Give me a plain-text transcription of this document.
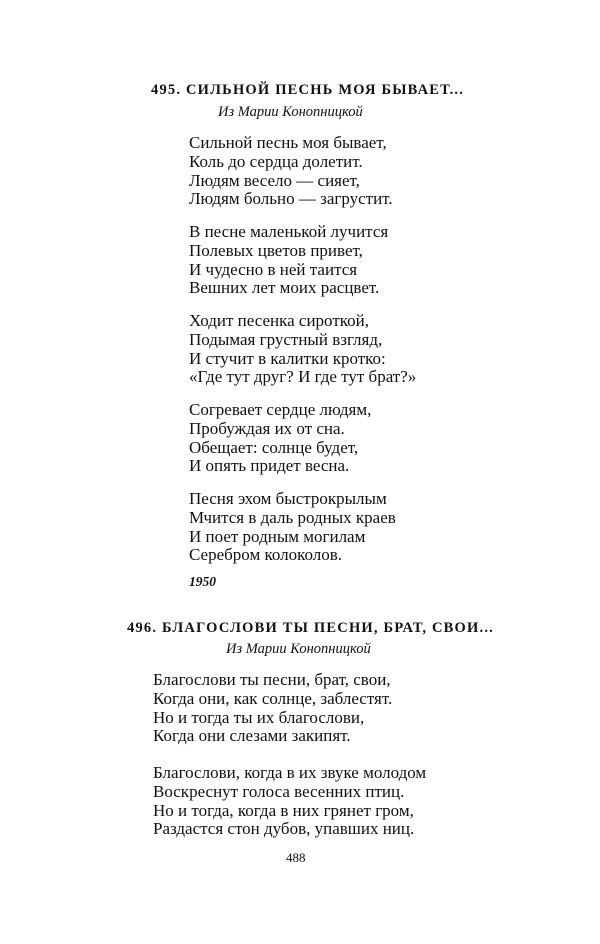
495. СИЛЬНОЙ ПЕСНЬ МОЯ БЫВАЕТ...
Из Марии Конопницкой
Сильной песнь моя бывает,
Коль до сердца долетит.
Людям весело — сияет,
Людям больно — загрустит.
В песне маленькой лучится
Полевых цветов привет,
И чудесно в ней таится
Вешних лет моих расцвет.
Ходит песенка сироткой,
Подымая грустный взгляд,
И стучит в калитки кротко:
«Где тут друг? И где тут брат?»
Согревает сердце людям,
Пробуждая их от сна.
Обещает: солнце будет,
И опять придет весна.
Песня эхом быстрокрылым
Мчится в даль родных краев
И поет родным могилам
Серебром колоколов.
1950
496. БЛАГОСЛОВИ ТЫ ПЕСНИ, БРАТ, СВОИ...
Из Марии Конопницкой
Благослови ты песни, брат, свои,
Когда они, как солнце, заблестят.
Но и тогда ты их благослови,
Когда они слезами закипят.
Благослови, когда в их звуке молодом
Воскреснут голоса весенних птиц.
Но и тогда, когда в них грянет гром,
Раздастся стон дубов, упавших ниц.
488
